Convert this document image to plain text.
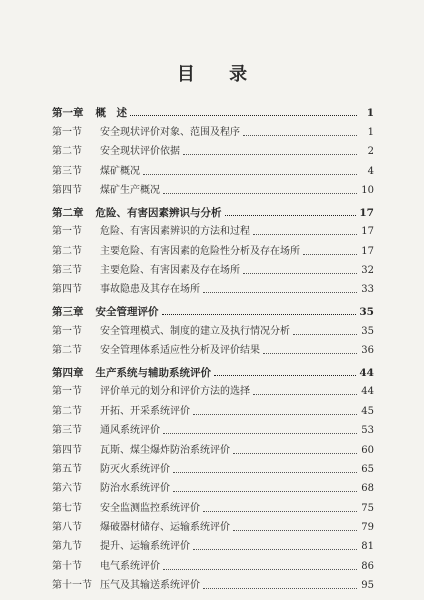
目 录
第一章 概　述	1
第一节	安全现状评价对象、范围及程序	1
第二节	安全现状评价依据	2
第三节	煤矿概况	4
第四节	煤矿生产概况	10
第二章 危险、有害因素辨识与分析	17
第一节	危险、有害因素辨识的方法和过程	17
第二节	主要危险、有害因素的危险性分析及存在场所	17
第三节	主要危险、有害因素及存在场所	32
第四节	事故隐患及其存在场所	33
第三章 安全管理评价	35
第一节	安全管理模式、制度的建立及执行情况分析	35
第二节	安全管理体系适应性分析及评价结果	36
第四章 生产系统与辅助系统评价	44
第一节	评价单元的划分和评价方法的选择	44
第二节	开拓、开采系统评价	45
第三节	通风系统评价	53
第四节	瓦斯、煤尘爆炸防治系统评价	60
第五节	防灭火系统评价	65
第六节	防治水系统评价	68
第七节	安全监测监控系统评价	75
第八节	爆破器材储存、运输系统评价	79
第九节	提升、运输系统评价	81
第十节	电气系统评价	86
第十一节 压气及其输送系统评价	95
